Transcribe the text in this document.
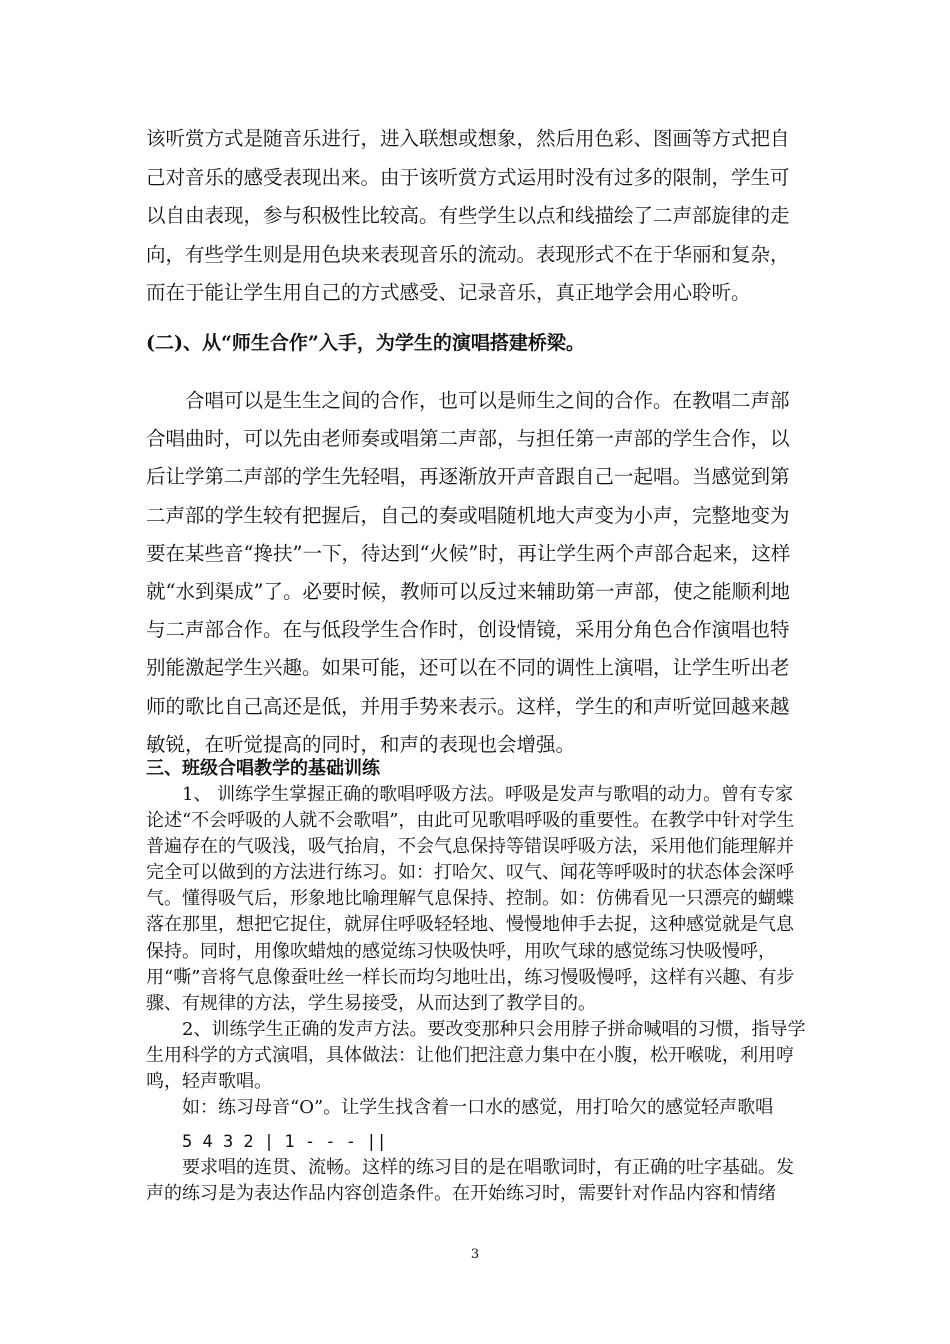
该听赏方式是随音乐进行，进入联想或想象，然后用色彩、图画等方式把自己对音乐的感受表现出来。由于该听赏方式运用时没有过多的限制，学生可以自由表现，参与积极性比较高。有些学生以点和线描绘了二声部旋律的走向，有些学生则是用色块来表现音乐的流动。表现形式不在于华丽和复杂，而在于能让学生用自己的方式感受、记录音乐，真正地学会用心聆听。
(二)、从“师生合作”入手，为学生的演唱搭建桥梁。
合唱可以是生生之间的合作，也可以是师生之间的合作。在教唱二声部合唱曲时，可以先由老师奏或唱第二声部，与担任第一声部的学生合作，以后让学第二声部的学生先轻唱，再逐渐放开声音跟自己一起唱。当感觉到第二声部的学生较有把握后，自己的奏或唱随机地大声变为小声，完整地变为要在某些音“搀扶”一下，待达到“火候”时，再让学生两个声部合起来，这样就“水到渠成”了。必要时候，教师可以反过来辅助第一声部，使之能顺利地与二声部合作。在与低段学生合作时，创设情镜，采用分角色合作演唱也特别能激起学生兴趣。如果可能，还可以在不同的调性上演唱，让学生听出老师的歌比自己高还是低，并用手势来表示。这样，学生的和声听觉回越来越敏锐，在听觉提高的同时，和声的表现也会增强。
三、班级合唱教学的基础训练

1、 训练学生掌握正确的歌唱呼吸方法。呼吸是发声与歌唱的动力。曾有专家论述“不会呼吸的人就不会歌唱”，由此可见歌唱呼吸的重要性。在教学中针对学生普遍存在的气吸浅，吸气抬肩，不会气息保持等错误呼吸方法，采用他们能理解并完全可以做到的方法进行练习。如：打哈欠、叹气、闻花等呼吸时的状态体会深呼气。懂得吸气后，形象地比喻理解气息保持、控制。如：仿佛看见一只漂亮的蝴蝶落在那里，想把它捉住，就屏住呼吸轻轻地、慢慢地伸手去捉，这种感觉就是气息保持。同时，用像吹蜡烛的感觉练习快吸快呼，用吹气球的感觉练习快吸慢呼，用“嘶”音将气息像蚕吐丝一样长而均匀地吐出，练习慢吸慢呼，这样有兴趣、有步骤、有规律的方法，学生易接受，从而达到了教学目的。

2、训练学生正确的发声方法。要改变那种只会用脖子拼命喊唱的习惯，指导学生用科学的方式演唱，具体做法：让他们把注意力集中在小腹，松开喉咙，利用哼鸣，轻声歌唱。

如：练习母音“O”。让学生找含着一口水的感觉，用打哈欠的感觉轻声歌唱

5 4 3 2 | 1 - - - ||

要求唱的连贯、流畅。这样的练习目的是在唱歌词时，有正确的吐字基础。发声的练习是为表达作品内容创造条件。在开始练习时，需要针对作品内容和情绪

3
